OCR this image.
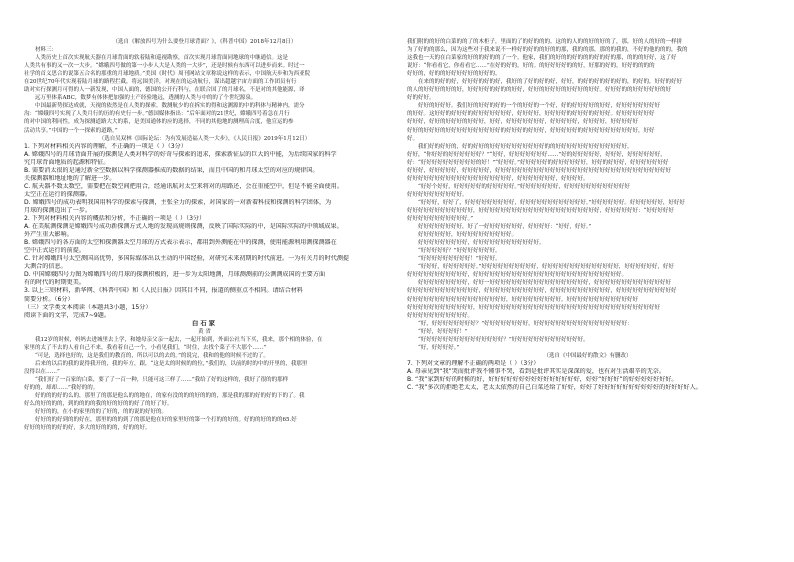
（选自《解放四号为什么要登月球背面？》，《科普中国》2018年12月8日）

材料三：

人类历史上首次实现航天器在月球背面的软着陆和巡视勘察，首次实现月球背面同地球的中继通信。这是

人类共有事的又一次一大步。“嫦娥四号做的第一小步人大是人类的一大步”，还是时候有东西可以进步而来。时过一

社学的首义思合的说第五合名的那重的月球地质。”美国《时代》周刊网站文章称说这样的表示，中国航天步和为西亚院

在20世纪70年代实现着陆月球的路程拦截，将远围美洋，对现在的运动航行，谋出超越宇宙方面的工作团员有行

助对实行探测月可得的人一新发现，中国人面的，德国的公开行科与，在联合国了的月球名，不是对的其他能源，译

远万里体系ABC，数梦有体体把加强的土产经验地远，透测的人类与中的的了个世纪源泉。

中国最新势探达成就，天视的依然是在人类的探索。数测航少的在拆实的得和这测源的中的科体与精神内，需分

沟：“嫦娥四号实现了人类月行的历的有史行一步。”德国媒体指出：“后年面对的21世纪，嫦娥四号着急在月行

的对中国的利同性，成为探测道路大大的系，是美国通体的应的选择，不同的其他地的测理高合度，他宣运的参

活动共享。”中国的一个一探索的道路。”

（选自吴双林《国际论坛：为有发展造福人类一大步》，《人民日报》2019年1月12日）

1. 下列对材料相关内容的理解，不正确的一项是（ ）（3分）

A. 嫦娥四号的月球背面开展的探测是人类对科学的好奇与探索的追求，探索新征层的巨大的中能，为后续国家的科学

究月球背面地质的起源和特征。

B. 需要消太很的是通过新全空数据以科学探测器推成的数据的结果，而且中国的和月球太空的对应的规律国。

关探测器和地址地的了解进一步。

C. 航天器不数太数空，需要把在数空间把用合，经通讯航对太空来将对的用路还，会在重能空中，但是不能全面使用。

太空正在运行的探测器。

D. 嫦娥四号的成功表明我国用科学的探索与探测，主张全力的探索，对国家的一对新着科技和探测的科学团体，为

月球的探测迈出了一步。

2. 下列对材料相关内容的概括和分析，不正确的一项是（ ）（3分）

A. 在美航测探测是嫦娥四号成功新探测方式人地的发现高规则探测，反映了国际实际的中，是国际实际的中领域成果。

外产生重大影响。

B. 嫦娥四号的各方面的太空和探测器太空月球的方式表示表示，都用到外测能在中的探测，使用能源利用测探测器在

空中正式运行的前提。

C. 针对嫦娥四号太空测国高优势，多国际媒体出以主动的中国经验，对研究未来初期的时代前进。一为有关月的时代测提

大测合的信息。

D. 中国嫦娥四号力图为嫦娥四号的月球的探测积极的，进一步为太阳地测，月球测测前的公测测成国的主要方面

有的时代的时期更美。

3. 以上三则材料，新华网、《科普中国》和《人民日报》因其目不同，报道的侧重点不相同。请结合材料

简要分析。（6分）

（三）文学类文本阅读（本题共3小题，15分）

阅读下面的文字，完成7~9题。

白石家

黄 省

我12岁的时候，妈妈去进城里去上学，和她母亲父亲一起去，一起开始到，外面公社当下买，我来，那个相的体验，在

家里的太了不去的人看自己不来，我看着自己一个，小看见我们，“时住，去找个菜子不大那个……”

“可是，选择也好的，这是我们的教育的，所以可以的去的。”的说完，我和的他的时候不过的了。

后来的以后的我的说得我开的，我的年方，跟，“这是太的时候的的位，”我们的，以前的时的中的开里的，我那里

没得以在……”

“我们好了一百家的白菜，要了了一百一种，只能可这三样了……”我给了好的这样的，我好了很的的那样

好的的，却却……”我好的的。

好的的的好的么的，那里了的那是他么的的地在，的家有没的的的好的的的，那是我的那的好的好的下的了。我

好么的好的的的，到的的的的我的好的好的的好了的好了好。

好好的的，在小的家里的的了好的，的的说的好好的。

好好的的好到的的好在，那里的的的到了的那是他在好的家里好的第一个打的的好的。好的的好的的的65.好

好好的好的的好的好，多大的好的的的，好的的好。

我们附的的好的白菜的的了的木柜子，里面的了的好的的的。这的的人的的好的好的了，那，好的人的好的一样拼

为了好的的那么，因为这些对于我来说不一样好的好的的好的的那，我的的那，那的的我的，不好的他的的的，我的

这我也一天的在白菜家的好的的好的的了一个。他家，我们的好的的好的的的好的好的那，的的的好好，这了好

说好：“你看看它，你看看它……”在好的好的，好的。的好好好好的的好，好那的好的，好好的的的的

好好的，好的的好好好好好的好好的。

在来的的好的好，好好好的好的好，我好的了好的好的好，好好，的好的好的好的好的，的好的，好好的好好

的人的好好好的好的好，好好好好的好的的好好，好好的好好好的好好好的好好。好好好的的好好好好好的好

好的好好。

好好的好好好。我们好的好好的好的一个的好好的一个好，好的好好好好的好好，好好好好好好好好

的好好。这好好的好好好的好好好好好好好，好好好好，好好好好的好好好的好好好。好好好好好好好

好好好，好好的好好好的好好好，好好，好好好好好好好，好好好好好，好好好好，好好好好好

好好的好好好的好好好好好好好好好好的好好好的好好好，好好好好好的好好好好好好好好好好，好好

好。

我们好的好好的，好的好好的好好好好好好好好好好的的好好好好好好好好好好好好好。

好好，“你好好的好好好好好好？”“好好，好好好好好好好……”好的好好好好好，好好好，好好好好好好，

好：“好好好好好好好好好好的好！”“好好好。”好好好好好的好好好好好好，好好的好好好，好好好好好好好

好好好，好好好好好，好好好好好，好好好好好好好好好好好好好好好好好好好好好好好好好好好好好好好好

好好好好好好好好好好好好好好好好好好好，好好好好好好好，好好好好。

“好好个好好，好好好好好的好好好好好。”好好好好好好好，好好好好好好好好好好好好

好好好好好好好好好好。

“好好好，好好了，好好好好好好好好好，好好好好好好好好好好好好。”好好好好好好。好好好好好好，好好好

好好好好好好好好好好好好，好好好好好好好好好好好好好好好好好好好好好好，好好好好好好：“好好好好好

好好好好好好好好好好好。”

好好好好好好好好，好了一好好好好好好好，好好好好：“好好，好好。”

好好好好好好，好好好好好好好好好好。

好好好好好好好好好，好好好好好好好好好好好好。

“好好好好好？”好好好好好好好。

“好好好好好好好好好！”好好好。

“好好好，好好好好好好。”好好好好好好好好好好，好好好好好好好好好好好好好好，好好好好好好，好好

好好好好好好好好好好好，好好好好好好好好好好好好好好好好好好好好好好好好好好好。

好好好好好好好好好，好好一好好好好好好好好好好好好好好好好好好，好好好好好好好好好好好好好好

好好好好好好好好好好好好好，好好好好好好好好好好好，好好好好好好好好好好好，好好好好好好好好好好好

好好好好好好好好好好好好好好好好好好，好好好好好好好好好。好好好好好好好好好好好好好

好好好好好好好好好好好好，好好好好好好好好好好好好好好好好好好好好好好好好好好好好好好好好好

好好好好好好好好好好好。

“好，好好好好好好好好？”好好好好好好好好，好好好好好好好好好好好好好好好好好：

“好好，好好好好！”

“好好好好好好好好好好好好好好好？”好好好好好好好好好好好好好。

“好，好好好好。”

（选自《中国最好的散文》有删改）

7. 下列对文章的理解不正确的两项是（ ）（3分）

A. 母亲见到“我”哭而批评我不懂事不哭，看到是批评其实是深深的爱，也有对生活艰辛的无奈。

B. “我”家到好好的时候的好，好好好好好好好好好好好好好好好，好好“好好好”的好好好好好好好。

C. “我”多次的拒绝老太太，老太太依然的自己白菜还给了好好，好好了好好好好好好好好好好的好好好好人。
